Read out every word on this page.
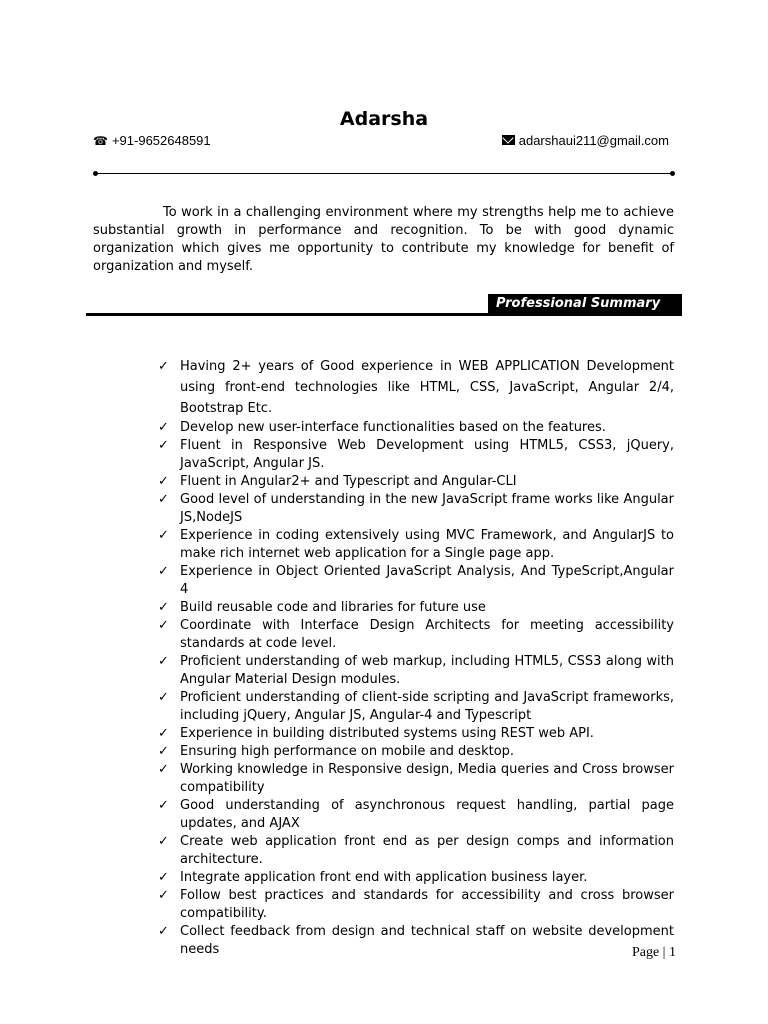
Adarsha
☎ +91-9652648591	adarshaui211@gmail.com

To work in a challenging environment where my strengths help me to achieve substantial growth in performance and recognition. To be with good dynamic organization which gives me opportunity to contribute my knowledge for benefit of organization and myself.

Professional Summary
✓ Having 2+ years of Good experience in WEB APPLICATION Development using front-end technologies like HTML, CSS, JavaScript, Angular 2/4, Bootstrap Etc.
✓ Develop new user-interface functionalities based on the features.
✓ Fluent in Responsive Web Development using HTML5, CSS3, jQuery, JavaScript, Angular JS.
✓ Fluent in Angular2+ and Typescript and Angular-CLI
✓ Good level of understanding in the new JavaScript frame works like Angular JS,NodeJS
✓ Experience in coding extensively using MVC Framework, and AngularJS to make rich internet web application for a Single page app.
✓ Experience in Object Oriented JavaScript Analysis, And TypeScript,Angular 4
✓ Build reusable code and libraries for future use
✓ Coordinate with Interface Design Architects for meeting accessibility standards at code level.
✓ Proficient understanding of web markup, including HTML5, CSS3 along with Angular Material Design modules.
✓ Proficient understanding of client-side scripting and JavaScript frameworks, including jQuery, Angular JS, Angular-4 and Typescript
✓ Experience in building distributed systems using REST web API.
✓ Ensuring high performance on mobile and desktop.
✓ Working knowledge in Responsive design, Media queries and Cross browser compatibility
✓ Good understanding of asynchronous request handling, partial page updates, and AJAX
✓ Create web application front end as per design comps and information architecture.
✓ Integrate application front end with application business layer.
✓ Follow best practices and standards for accessibility and cross browser compatibility.
✓ Collect feedback from design and technical staff on website development needs	Page | 1
